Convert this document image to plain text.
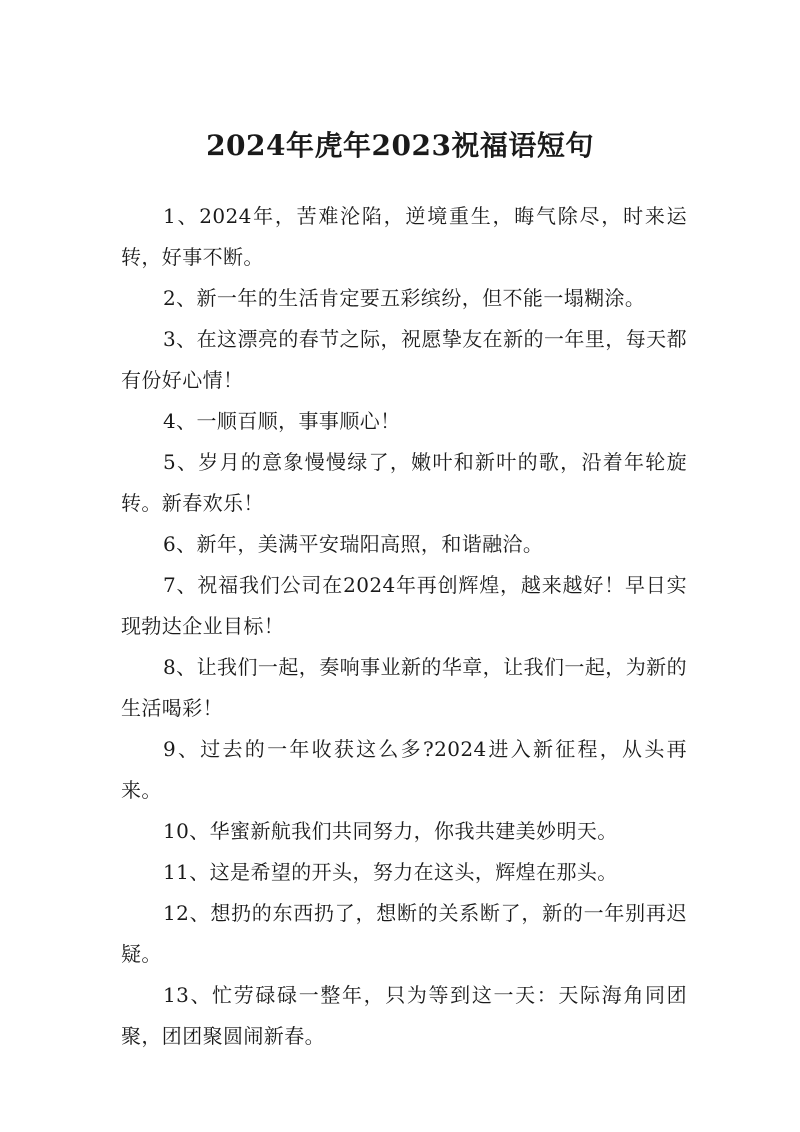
2024年虎年2023祝福语短句

1、2024年，苦难沦陷，逆境重生，晦气除尽，时来运转，好事不断。

2、新一年的生活肯定要五彩缤纷，但不能一塌糊涂。

3、在这漂亮的春节之际，祝愿挚友在新的一年里，每天都有份好心情！

4、一顺百顺，事事顺心！

5、岁月的意象慢慢绿了，嫩叶和新叶的歌，沿着年轮旋转。新春欢乐！

6、新年，美满平安瑞阳高照，和谐融洽。

7、祝福我们公司在2024年再创辉煌，越来越好！早日实现勃达企业目标！

8、让我们一起，奏响事业新的华章，让我们一起，为新的生活喝彩！

9、过去的一年收获这么多?2024进入新征程，从头再来。

10、华蜜新航我们共同努力，你我共建美妙明天。

11、这是希望的开头，努力在这头，辉煌在那头。

12、想扔的东西扔了，想断的关系断了，新的一年别再迟疑。

13、忙劳碌碌一整年，只为等到这一天：天际海角同团聚，团团聚圆闹新春。
